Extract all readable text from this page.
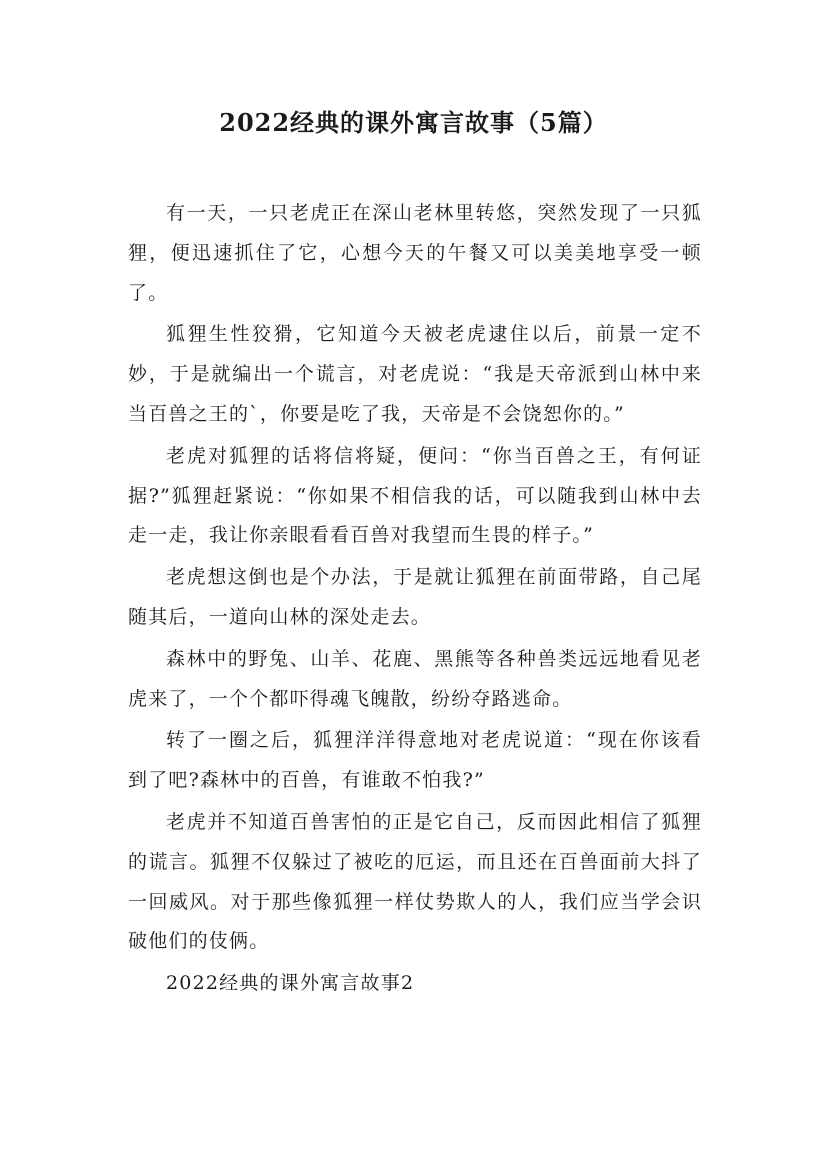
2022经典的课外寓言故事（5篇）

有一天，一只老虎正在深山老林里转悠，突然发现了一只狐狸，便迅速抓住了它，心想今天的午餐又可以美美地享受一顿了。

狐狸生性狡猾，它知道今天被老虎逮住以后，前景一定不妙，于是就编出一个谎言，对老虎说：“我是天帝派到山林中来当百兽之王的`，你要是吃了我，天帝是不会饶恕你的。”

老虎对狐狸的话将信将疑，便问：“你当百兽之王，有何证据?”狐狸赶紧说：“你如果不相信我的话，可以随我到山林中去走一走，我让你亲眼看看百兽对我望而生畏的样子。”

老虎想这倒也是个办法，于是就让狐狸在前面带路，自己尾随其后，一道向山林的深处走去。

森林中的野兔、山羊、花鹿、黑熊等各种兽类远远地看见老虎来了，一个个都吓得魂飞魄散，纷纷夺路逃命。

转了一圈之后，狐狸洋洋得意地对老虎说道：“现在你该看到了吧?森林中的百兽，有谁敢不怕我?”

老虎并不知道百兽害怕的正是它自己，反而因此相信了狐狸的谎言。狐狸不仅躲过了被吃的厄运，而且还在百兽面前大抖了一回威风。对于那些像狐狸一样仗势欺人的人，我们应当学会识破他们的伎俩。

2022经典的课外寓言故事2
